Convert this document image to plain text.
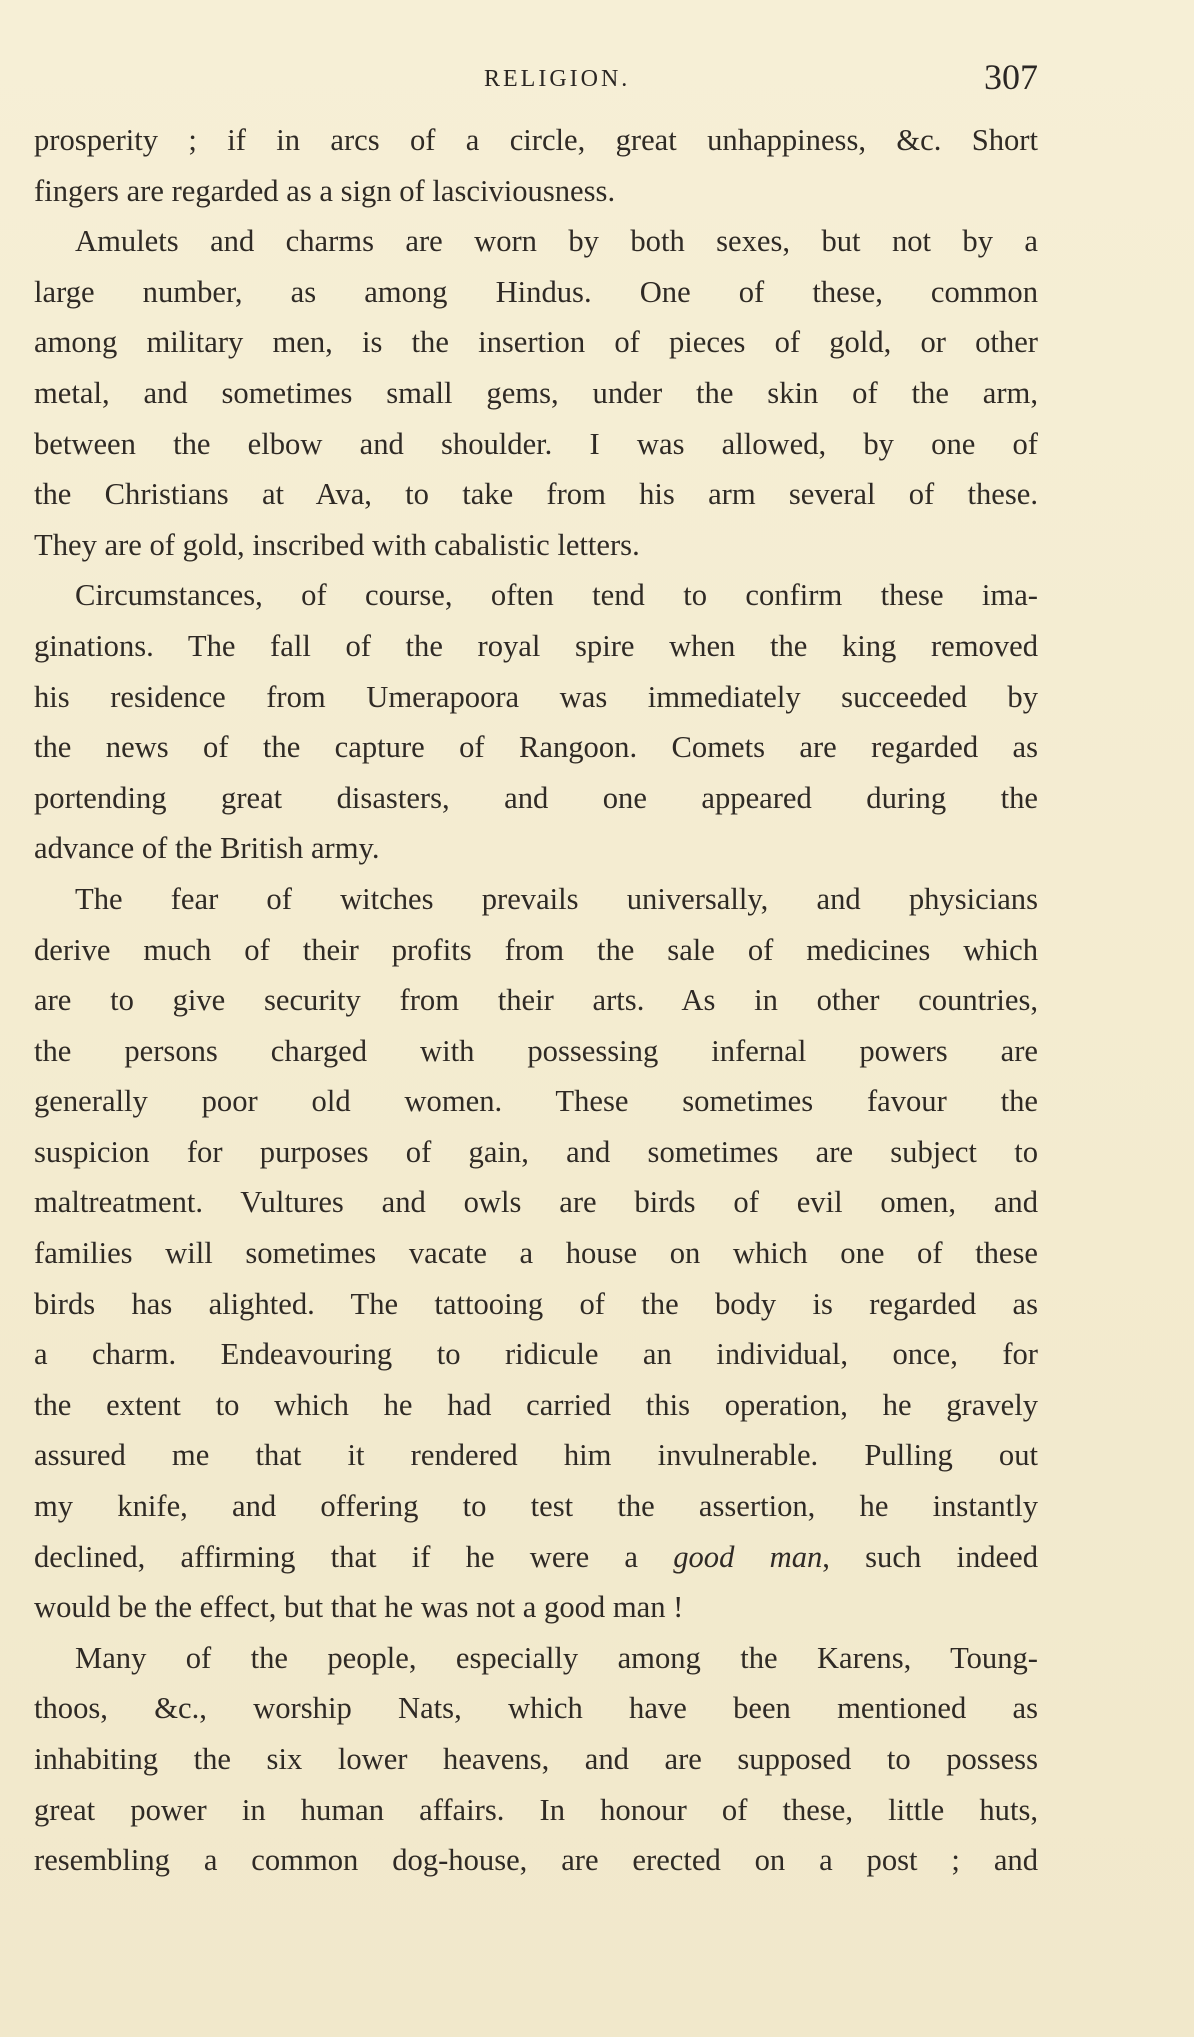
RELIGION.	307
prosperity ; if in arcs of a circle, great unhappiness, &c. Short
fingers are regarded as a sign of lasciviousness.
Amulets and charms are worn by both sexes, but not by a
large number, as among Hindus. One of these, common
among military men, is the insertion of pieces of gold, or other
metal, and sometimes small gems, under the skin of the arm,
between the elbow and shoulder. I was allowed, by one of
the Christians at Ava, to take from his arm several of these.
They are of gold, inscribed with cabalistic letters.
Circumstances, of course, often tend to confirm these ima-
ginations. The fall of the royal spire when the king removed
his residence from Umerapoora was immediately succeeded by
the news of the capture of Rangoon. Comets are regarded as
portending great disasters, and one appeared during the
advance of the British army.
The fear of witches prevails universally, and physicians
derive much of their profits from the sale of medicines which
are to give security from their arts. As in other countries,
the persons charged with possessing infernal powers are
generally poor old women. These sometimes favour the
suspicion for purposes of gain, and sometimes are subject to
maltreatment. Vultures and owls are birds of evil omen, and
families will sometimes vacate a house on which one of these
birds has alighted. The tattooing of the body is regarded as
a charm. Endeavouring to ridicule an individual, once, for
the extent to which he had carried this operation, he gravely
assured me that it rendered him invulnerable. Pulling out
my knife, and offering to test the assertion, he instantly
declined, affirming that if he were a good man, such indeed
would be the effect, but that he was not a good man !
Many of the people, especially among the Karens, Toung-
thoos, &c., worship Nats, which have been mentioned as
inhabiting the six lower heavens, and are supposed to possess
great power in human affairs. In honour of these, little huts,
resembling a common dog-house, are erected on a post ; and
